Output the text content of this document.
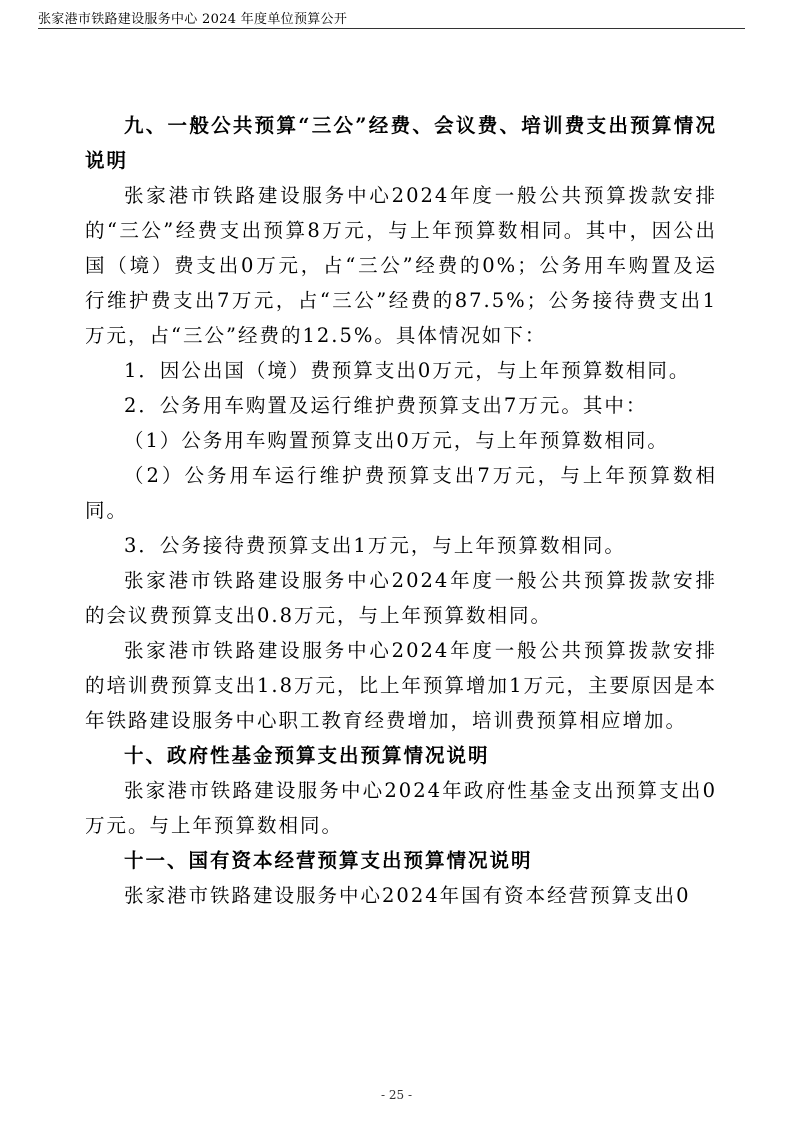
张家港市铁路建设服务中心 2024 年度单位预算公开

九、一般公共预算“三公”经费、会议费、培训费支出预算情况说明

张家港市铁路建设服务中心2024年度一般公共预算拨款安排的“三公”经费支出预算8万元，与上年预算数相同。其中，因公出国（境）费支出0万元，占“三公”经费的0%；公务用车购置及运行维护费支出7万元，占“三公”经费的87.5%；公务接待费支出1万元，占“三公”经费的12.5%。具体情况如下：

1．因公出国（境）费预算支出0万元，与上年预算数相同。

2．公务用车购置及运行维护费预算支出7万元。其中：

（1）公务用车购置预算支出0万元，与上年预算数相同。

（2）公务用车运行维护费预算支出7万元，与上年预算数相同。

3．公务接待费预算支出1万元，与上年预算数相同。

张家港市铁路建设服务中心2024年度一般公共预算拨款安排的会议费预算支出0.8万元，与上年预算数相同。

张家港市铁路建设服务中心2024年度一般公共预算拨款安排的培训费预算支出1.8万元，比上年预算增加1万元，主要原因是本年铁路建设服务中心职工教育经费增加，培训费预算相应增加。

十、政府性基金预算支出预算情况说明

张家港市铁路建设服务中心2024年政府性基金支出预算支出0万元。与上年预算数相同。

十一、国有资本经营预算支出预算情况说明

张家港市铁路建设服务中心2024年国有资本经营预算支出0

- 25 -
